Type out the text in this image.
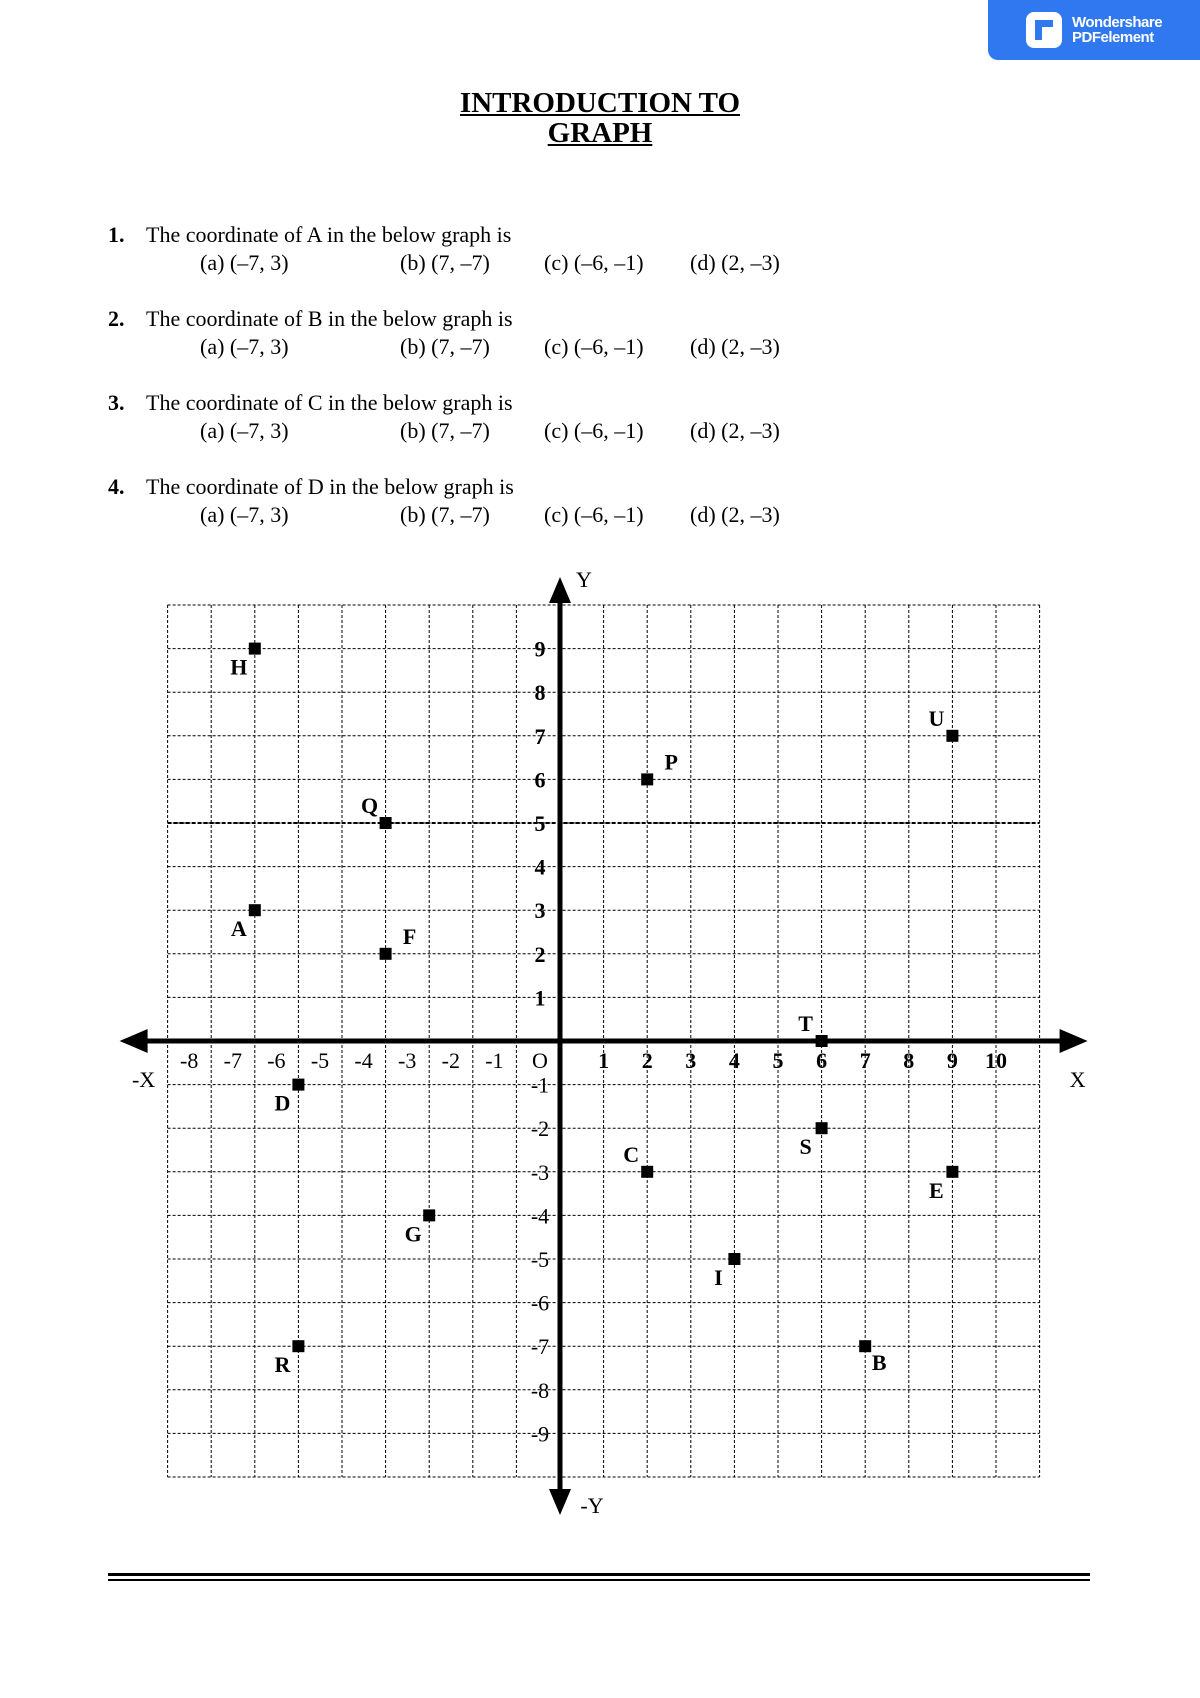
Wondershare
PDFelement
INTRODUCTION TO
GRAPH
1. The coordinate of A in the below graph is
(a) (–7, 3)	(b) (7, –7) (c) (–6, –1) (d) (2, –3)
2. The coordinate of B in the below graph is
(a) (–7, 3)	(b) (7, –7) (c) (–6, –1) (d) (2, –3)
3. The coordinate of C in the below graph is
(a) (–7, 3)	(b) (7, –7) (c) (–6, –1) (d) (2, –3)
4. The coordinate of D in the below graph is
(a) (–7, 3)	(b) (7, –7) (c) (–6, –1) (d) (2, –3)
X
-X
Y
-Y
-8 -7 -6 -5 -4 -3 -2 -1 O 1 2 3 4 5 6 7 8 9 10
9
8
7
6
5
4
3
2
1
-1
-2
-3
-4
-5
-6
-7
-8
-9
H
U
P
Q
A	F
T
D
S
C
E
G
I
R	B
